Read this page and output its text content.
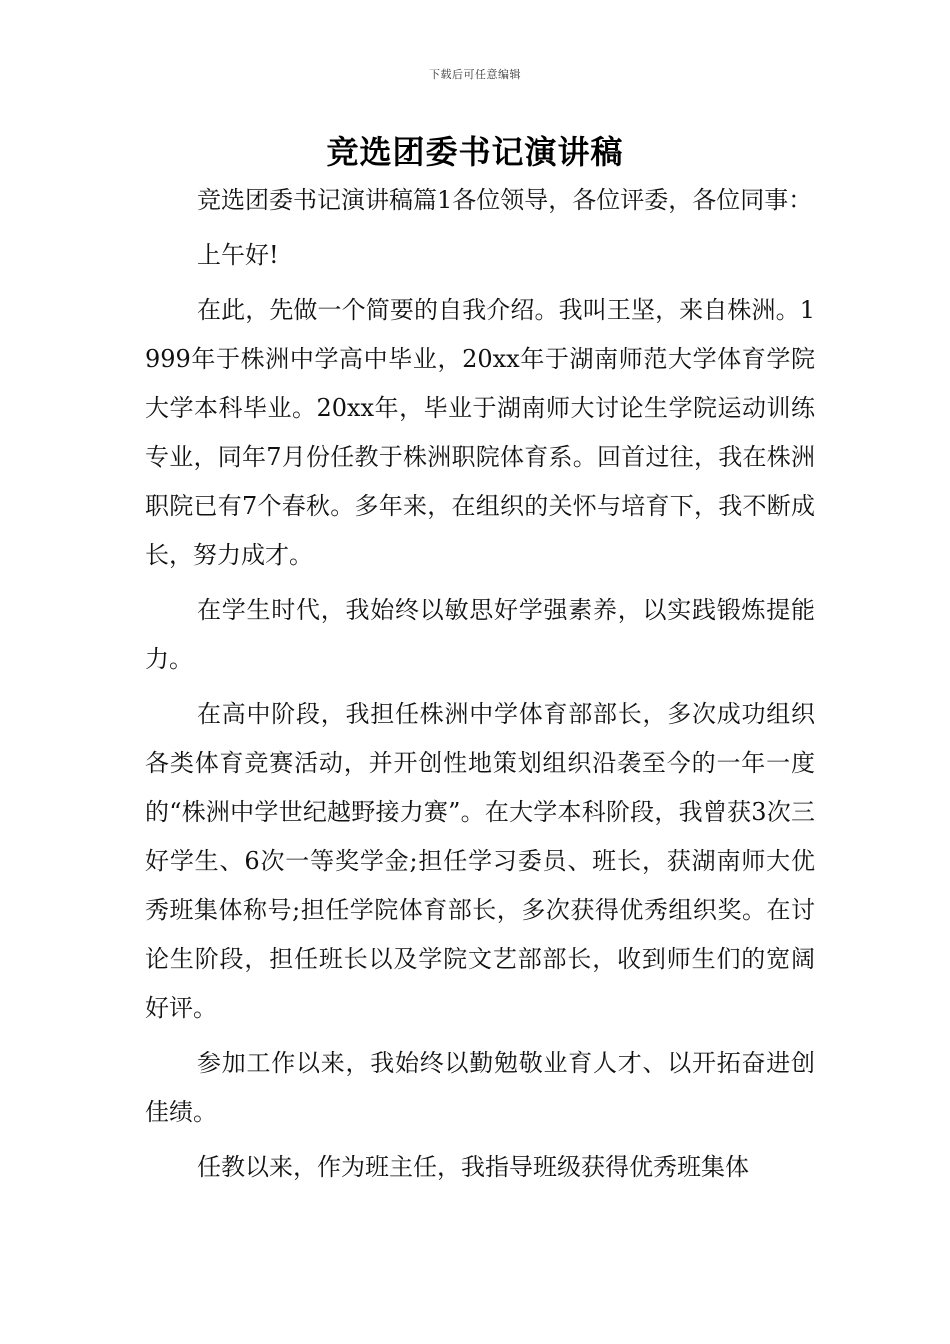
下载后可任意编辑
竞选团委书记演讲稿

竞选团委书记演讲稿篇1各位领导，各位评委，各位同事：

上午好!

在此，先做一个简要的自我介绍。我叫王坚，来自株洲。1999年于株洲中学高中毕业，20xx年于湖南师范大学体育学院大学本科毕业。20xx年，毕业于湖南师大讨论生学院运动训练专业，同年7月份任教于株洲职院体育系。回首过往，我在株洲职院已有7个春秋。多年来，在组织的关怀与培育下，我不断成长，努力成才。

在学生时代，我始终以敏思好学强素养，以实践锻炼提能力。

在高中阶段，我担任株洲中学体育部部长，多次成功组织各类体育竞赛活动，并开创性地策划组织沿袭至今的一年一度的“株洲中学世纪越野接力赛”。在大学本科阶段，我曾获3次三好学生、6次一等奖学金;担任学习委员、班长，获湖南师大优秀班集体称号;担任学院体育部长，多次获得优秀组织奖。在讨论生阶段，担任班长以及学院文艺部部长，收到师生们的宽阔好评。

参加工作以来，我始终以勤勉敬业育人才、以开拓奋进创佳绩。

任教以来，作为班主任，我指导班级获得优秀班集体
